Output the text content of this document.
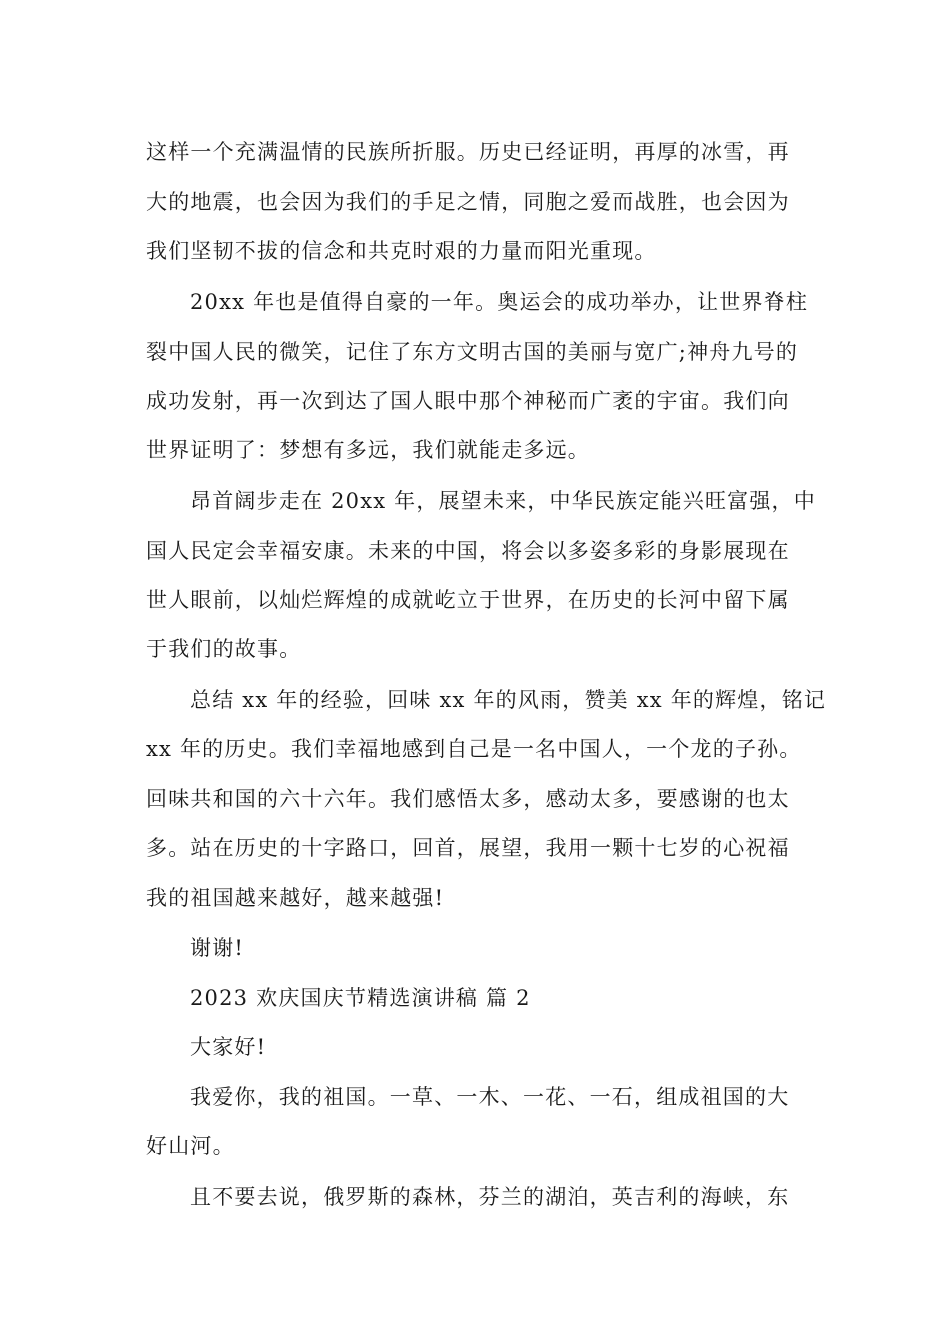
这样一个充满温情的民族所折服。历史已经证明，再厚的冰雪，再
大的地震，也会因为我们的手足之情，同胞之爱而战胜，也会因为
我们坚韧不拔的信念和共克时艰的力量而阳光重现。
20xx 年也是值得自豪的一年。奥运会的成功举办，让世界脊柱
裂中国人民的微笑，记住了东方文明古国的美丽与宽广;神舟九号的
成功发射，再一次到达了国人眼中那个神秘而广袤的宇宙。我们向
世界证明了：梦想有多远，我们就能走多远。
昂首阔步走在 20xx 年，展望未来，中华民族定能兴旺富强，中
国人民定会幸福安康。未来的中国，将会以多姿多彩的身影展现在
世人眼前，以灿烂辉煌的成就屹立于世界，在历史的长河中留下属
于我们的故事。
总结 xx 年的经验，回味 xx 年的风雨，赞美 xx 年的辉煌，铭记
xx 年的历史。我们幸福地感到自己是一名中国人，一个龙的子孙。
回味共和国的六十六年。我们感悟太多，感动太多，要感谢的也太
多。站在历史的十字路口，回首，展望，我用一颗十七岁的心祝福
我的祖国越来越好，越来越强!
谢谢!
2023 欢庆国庆节精选演讲稿 篇 2
大家好!
我爱你，我的祖国。一草、一木、一花、一石，组成祖国的大
好山河。
且不要去说，俄罗斯的森林，芬兰的湖泊，英吉利的海峡，东
